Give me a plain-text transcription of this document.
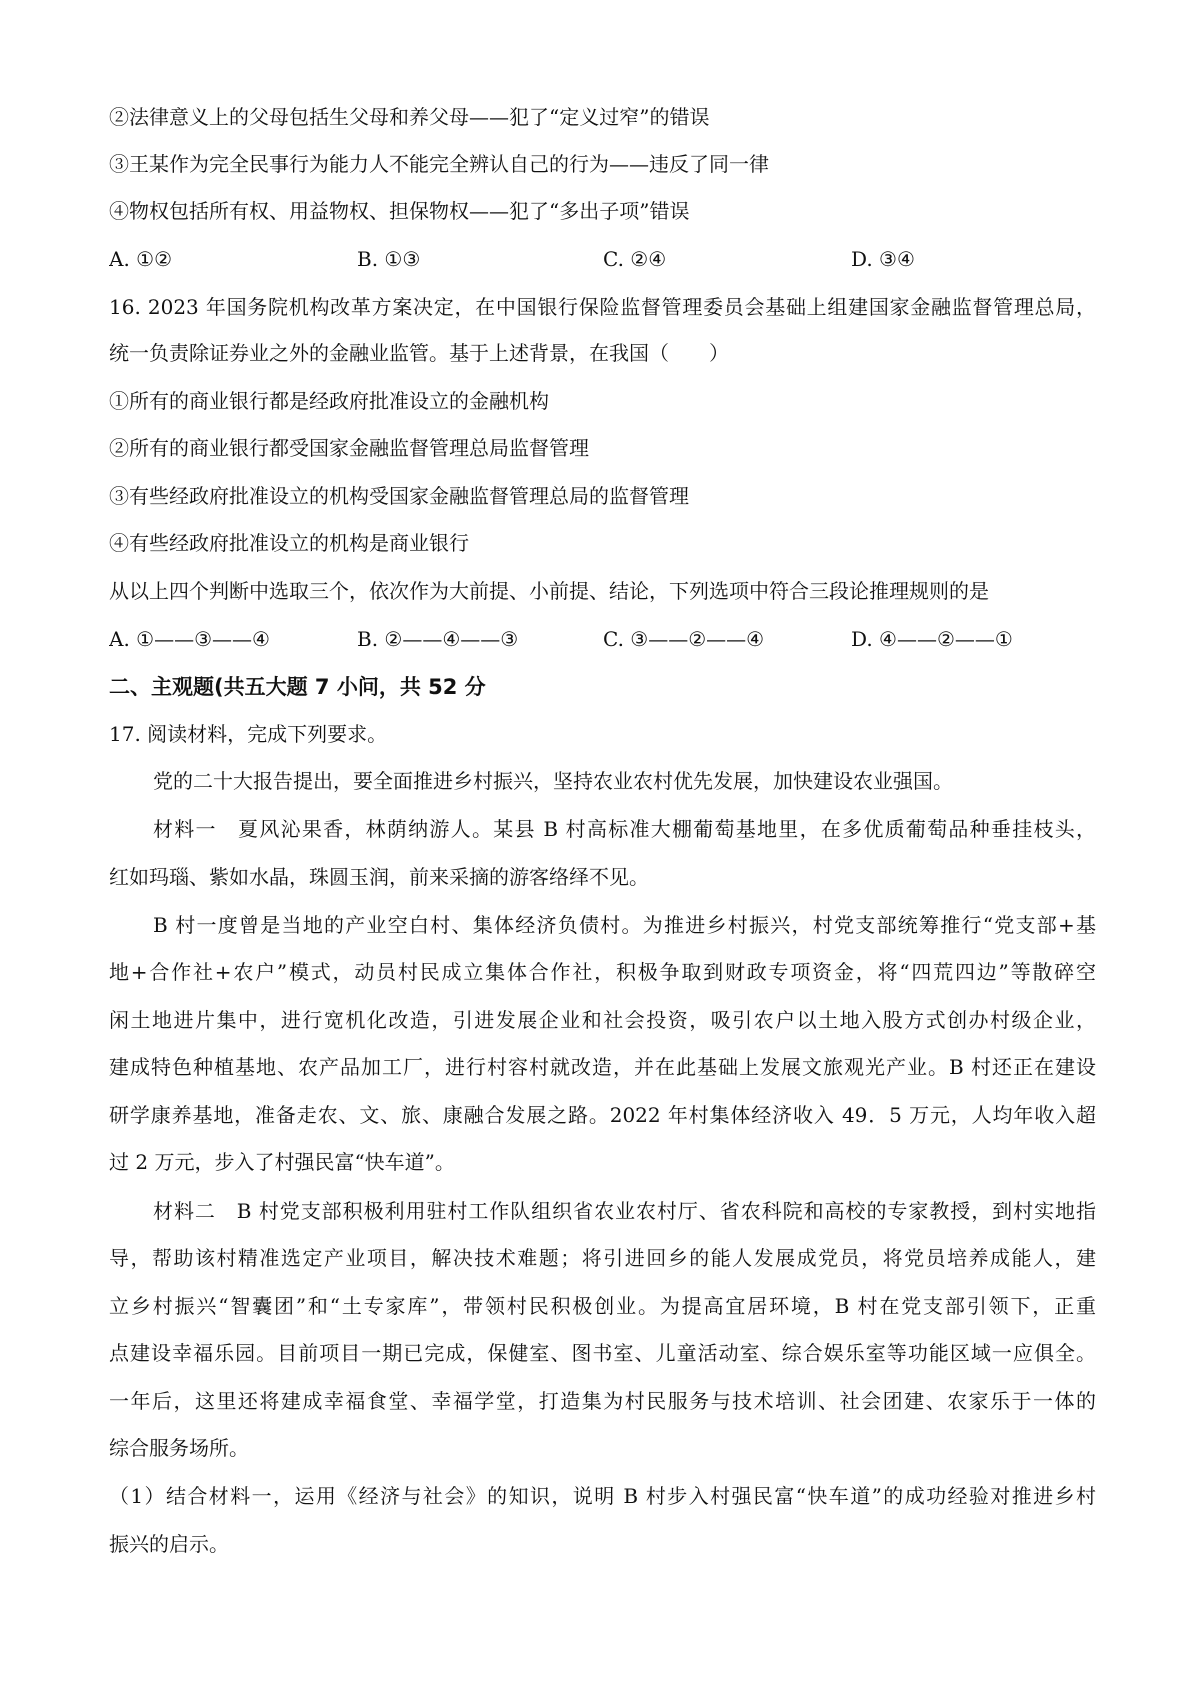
②法律意义上的父母包括生父母和养父母——犯了“定义过窄”的错误
③王某作为完全民事行为能力人不能完全辨认自己的行为——违反了同一律
④物权包括所有权、用益物权、担保物权——犯了“多出子项”错误
A. ①②	B. ①③	C. ②④	D. ③④
16. 2023 年国务院机构改革方案决定，在中国银行保险监督管理委员会基础上组建国家金融监督管理总局，
统一负责除证券业之外的金融业监管。基于上述背景，在我国（　　）
①所有的商业银行都是经政府批准设立的金融机构
②所有的商业银行都受国家金融监督管理总局监督管理
③有些经政府批准设立的机构受国家金融监督管理总局的监督管理
④有些经政府批准设立的机构是商业银行
从以上四个判断中选取三个，依次作为大前提、小前提、结论，下列选项中符合三段论推理规则的是
A. ①——③——④	B. ②——④——③	C. ③——②——④	D. ④——②——①
二、主观题(共五大题 7 小问，共 52 分
17. 阅读材料，完成下列要求。
党的二十大报告提出，要全面推进乡村振兴，坚持农业农村优先发展，加快建设农业强国。
材料一　夏风沁果香，林荫纳游人。某县 B 村高标准大棚葡萄基地里，在多优质葡萄品种垂挂枝头，
红如玛瑙、紫如水晶，珠圆玉润，前来采摘的游客络绎不见。
B 村一度曾是当地的产业空白村、集体经济负债村。为推进乡村振兴，村党支部统筹推行“党支部+基
地+合作社+农户”模式，动员村民成立集体合作社，积极争取到财政专项资金，将“四荒四边”等散碎空
闲土地进片集中，进行宽机化改造，引进发展企业和社会投资，吸引农户以土地入股方式创办村级企业，
建成特色种植基地、农产品加工厂，进行村容村就改造，并在此基础上发展文旅观光产业。B 村还正在建设
研学康养基地，准备走农、文、旅、康融合发展之路。2022 年村集体经济收入 49．5 万元，人均年收入超
过 2 万元，步入了村强民富“快车道”。
材料二　B 村党支部积极利用驻村工作队组织省农业农村厅、省农科院和高校的专家教授，到村实地指
导，帮助该村精准选定产业项目，解决技术难题；将引进回乡的能人发展成党员，将党员培养成能人，建
立乡村振兴“智囊团”和“土专家库”，带领村民积极创业。为提高宜居环境，B 村在党支部引领下，正重
点建设幸福乐园。目前项目一期已完成，保健室、图书室、儿童活动室、综合娱乐室等功能区域一应俱全。
一年后，这里还将建成幸福食堂、幸福学堂，打造集为村民服务与技术培训、社会团建、农家乐于一体的
综合服务场所。
（1）结合材料一，运用《经济与社会》的知识，说明 B 村步入村强民富“快车道”的成功经验对推进乡村
振兴的启示。
